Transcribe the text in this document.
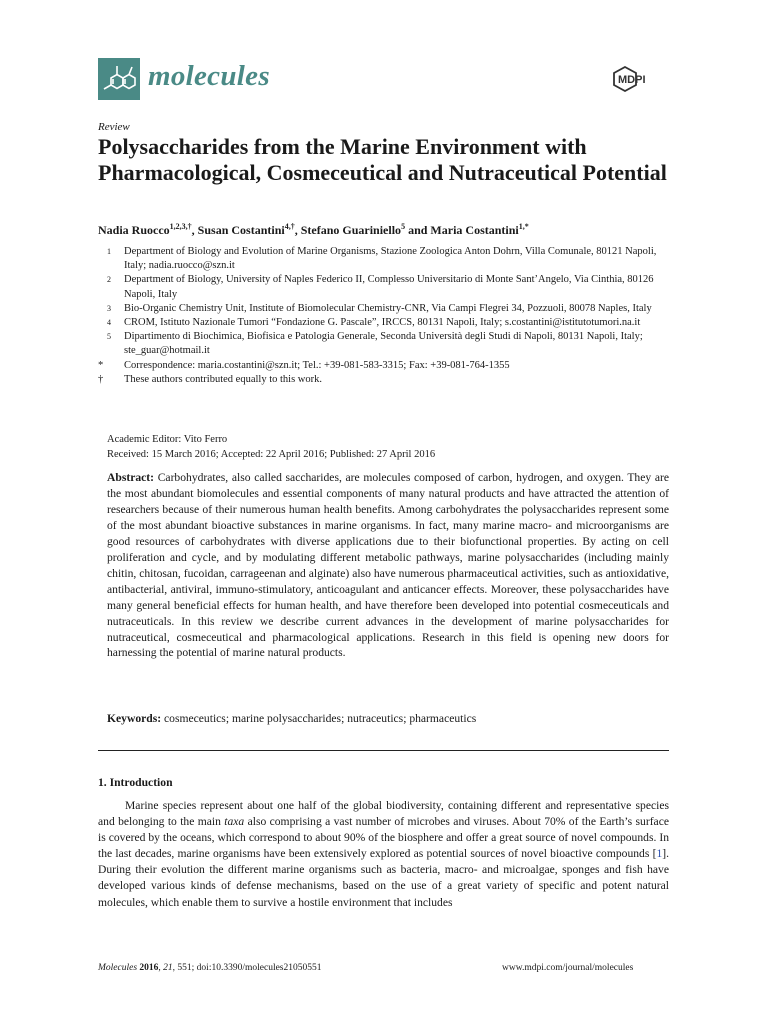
molecules	MDPI
Review
Polysaccharides from the Marine Environment with Pharmacological, Cosmeceutical and Nutraceutical Potential
Nadia Ruocco$^{1,2,3,\dagger}$, Susan Costantini$^{4,\dagger}$, Stefano Guariniello$^5$ and Maria Costantini$^{1,*}$
1	Department of Biology and Evolution of Marine Organisms, Stazione Zoologica Anton Dohrn, Villa Comunale, 80121 Napoli, Italy; nadia.ruocco@szn.it
2	Department of Biology, University of Naples Federico II, Complesso Universitario di Monte Sant’Angelo, Via Cinthia, 80126 Napoli, Italy
3	Bio-Organic Chemistry Unit, Institute of Biomolecular Chemistry-CNR, Via Campi Flegrei 34, Pozzuoli, 80078 Naples, Italy
4	CROM, Istituto Nazionale Tumori “Fondazione G. Pascale”, IRCCS, 80131 Napoli, Italy; s.costantini@istitutotumori.na.it
5	Dipartimento di Biochimica, Biofisica e Patologia Generale, Seconda Università degli Studi di Napoli, 80131 Napoli, Italy; ste_guar@hotmail.it
*	Correspondence: maria.costantini@szn.it; Tel.: +39-081-583-3315; Fax: +39-081-764-1355
†	These authors contributed equally to this work.
Academic Editor: Vito Ferro
Received: 15 March 2016; Accepted: 22 April 2016; Published: 27 April 2016

Abstract: Carbohydrates, also called saccharides, are molecules composed of carbon, hydrogen, and oxygen. They are the most abundant biomolecules and essential components of many natural products and have attracted the attention of researchers because of their numerous human health benefits. Among carbohydrates the polysaccharides represent some of the most abundant bioactive substances in marine organisms. In fact, many marine macro- and microorganisms are good resources of carbohydrates with diverse applications due to their biofunctional properties. By acting on cell proliferation and cycle, and by modulating different metabolic pathways, marine polysaccharides (including mainly chitin, chitosan, fucoidan, carrageenan and alginate) also have numerous pharmaceutical activities, such as antioxidative, antibacterial, antiviral, immuno-stimulatory, anticoagulant and anticancer effects. Moreover, these polysaccharides have many general beneficial effects for human health, and have therefore been developed into potential cosmeceuticals and nutraceuticals. In this review we describe current advances in the development of marine polysaccharides for nutraceutical, cosmeceutical and pharmacological applications. Research in this field is opening new doors for harnessing the potential of marine natural products.

Keywords: cosmeceutics; marine polysaccharides; nutraceutics; pharmaceutics

1. Introduction

Marine species represent about one half of the global biodiversity, containing different and representative species and belonging to the main taxa also comprising a vast number of microbes and viruses. About 70% of the Earth’s surface is covered by the oceans, which correspond to about 90% of the biosphere and offer a great source of novel compounds. In the last decades, marine organisms have been extensively explored as potential sources of novel bioactive compounds [1]. During their evolution the different marine organisms such as bacteria, macro- and microalgae, sponges and fish have developed various kinds of defense mechanisms, based on the use of a great variety of specific and potent natural molecules, which enable them to survive a hostile environment that includes

Molecules 2016, 21, 551; doi:10.3390/molecules21050551	www.mdpi.com/journal/molecules
